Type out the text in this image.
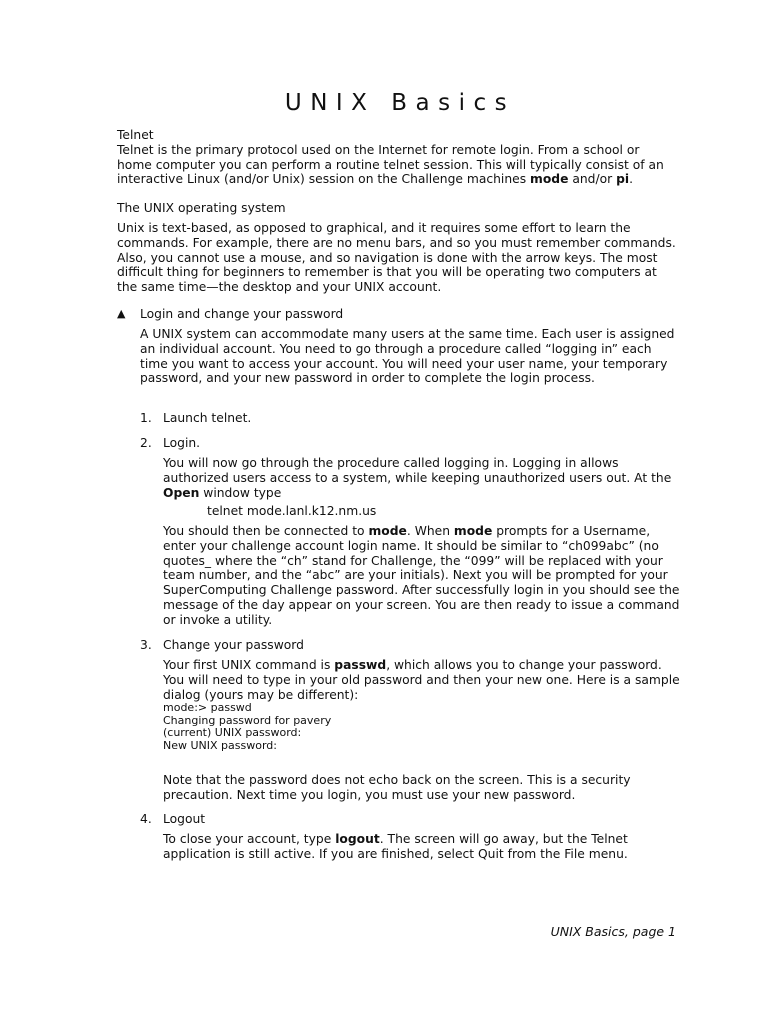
UNIX Basics

Telnet

Telnet is the primary protocol used on the Internet for remote login. From a school or home computer you can perform a routine telnet session. This will typically consist of an interactive Linux (and/or Unix) session on the Challenge machines mode and/or pi.

The UNIX operating system
Unix is text-based, as opposed to graphical, and it requires some effort to learn the commands. For example, there are no menu bars, and so you must remember commands. Also, you cannot use a mouse, and so navigation is done with the arrow keys. The most difficult thing for beginners to remember is that you will be operating two computers at the same time—the desktop and your UNIX account.
▲ Login and change your password
A UNIX system can accommodate many users at the same time. Each user is assigned an individual account. You need to go through a procedure called “logging in” each time you want to access your account. You will need your user name, your temporary password, and your new password in order to complete the login process.
1. Launch telnet.
2. Login.
You will now go through the procedure called logging in. Logging in allows authorized users access to a system, while keeping unauthorized users out. At the Open window type
telnet mode.lanl.k12.nm.us
You should then be connected to mode. When mode prompts for a Username, enter your challenge account login name. It should be similar to “ch099abc” (no quotes_ where the “ch” stand for Challenge, the “099” will be replaced with your team number, and the “abc” are your initials). Next you will be prompted for your SuperComputing Challenge password. After successfully login in you should see the message of the day appear on your screen. You are then ready to issue a command or invoke a utility.
3. Change your password
Your first UNIX command is passwd, which allows you to change your password. You will need to type in your old password and then your new one. Here is a sample dialog (yours may be different):
mode:> passwd
Changing password for pavery
(current) UNIX password:
New UNIX password:
Note that the password does not echo back on the screen. This is a security precaution. Next time you login, you must use your new password.
4. Logout
To close your account, type logout. The screen will go away, but the Telnet application is still active. If you are finished, select Quit from the File menu.
UNIX Basics, page 1
